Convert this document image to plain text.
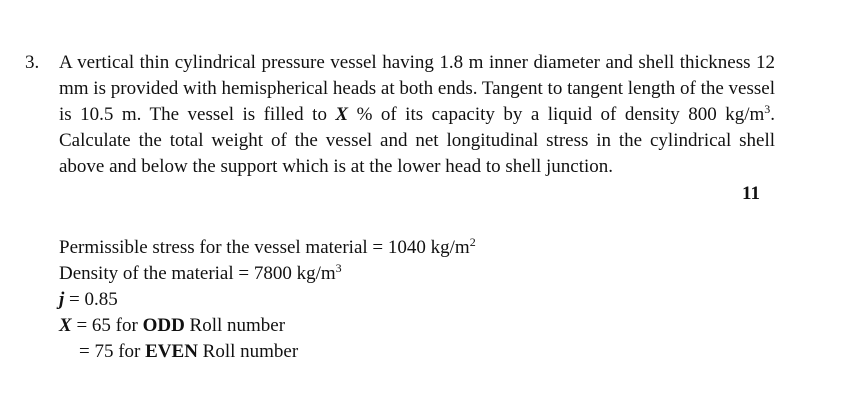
3. A vertical thin cylindrical pressure vessel having 1.8 m inner diameter and shell thickness 12 mm is provided with hemispherical heads at both ends. Tangent to tangent length of the vessel is 10.5 m. The vessel is filled to X % of its capacity by a liquid of density 800 $kg/m^3$. Calculate the total weight of the vessel and net longitudinal stress in the cylindrical shell above and below the support which is at the lower head to shell junction.
11
Permissible stress for the vessel material = 1040 $kg/m^2$
Density of the material = 7800 $kg/m^3$
j = 0.85
X = 65 for ODD Roll number
= 75 for EVEN Roll number
